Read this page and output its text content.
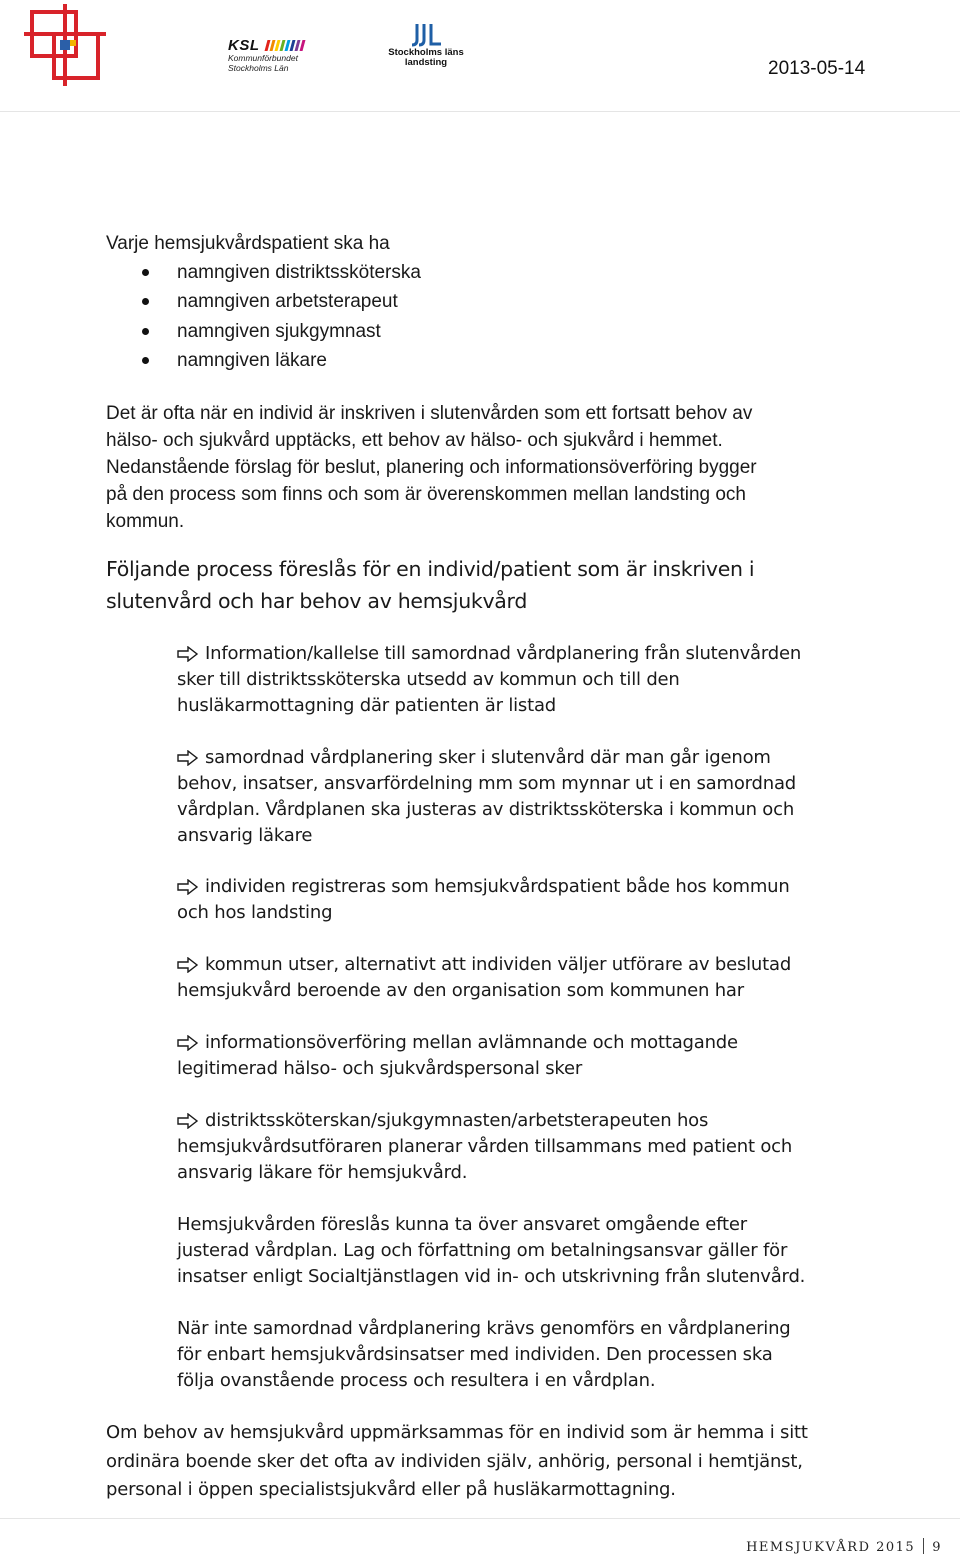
KSL
Kommunförbundet
Stockholms Län
Stockholms läns
landsting	2013-05-14
Varje hemsjukvårdspatient ska ha
namngiven distriktssköterska
namngiven arbetsterapeut
namngiven sjukgymnast
namngiven läkare
Det är ofta när en individ är inskriven i slutenvården som ett fortsatt behov av
hälso- och sjukvård upptäcks, ett behov av hälso- och sjukvård i hemmet.
Nedanstående förslag för beslut, planering och informationsöverföring bygger
på den process som finns och som är överenskommen mellan landsting och
kommun.
Följande process föreslås för en individ/patient som är inskriven i
slutenvård och har behov av hemsjukvård
Information/kallelse till samordnad vårdplanering från slutenvården
sker till distriktssköterska utsedd av kommun och till den
husläkarmottagning där patienten är listad
samordnad vårdplanering sker i slutenvård där man går igenom
behov, insatser, ansvarfördelning mm som mynnar ut i en samordnad
vårdplan. Vårdplanen ska justeras av distriktssköterska i kommun och
ansvarig läkare
individen registreras som hemsjukvårdspatient både hos kommun
och hos landsting
kommun utser, alternativt att individen väljer utförare av beslutad
hemsjukvård beroende av den organisation som kommunen har
informationsöverföring mellan avlämnande och mottagande
legitimerad hälso- och sjukvårdspersonal sker
distriktssköterskan/sjukgymnasten/arbetsterapeuten hos
hemsjukvårdsutföraren planerar vården tillsammans med patient och
ansvarig läkare för hemsjukvård.
Hemsjukvården föreslås kunna ta över ansvaret omgående efter
justerad vårdplan. Lag och författning om betalningsansvar gäller för
insatser enligt Socialtjänstlagen vid in- och utskrivning från slutenvård.
När inte samordnad vårdplanering krävs genomförs en vårdplanering
för enbart hemsjukvårdsinsatser med individen. Den processen ska
följa ovanstående process och resultera i en vårdplan.
Om behov av hemsjukvård uppmärksammas för en individ som är hemma i sitt
ordinära boende sker det ofta av individen själv, anhörig, personal i hemtjänst,
personal i öppen specialistsjukvård eller på husläkarmottagning.
HEMSJUKVÅRD 2015 9
